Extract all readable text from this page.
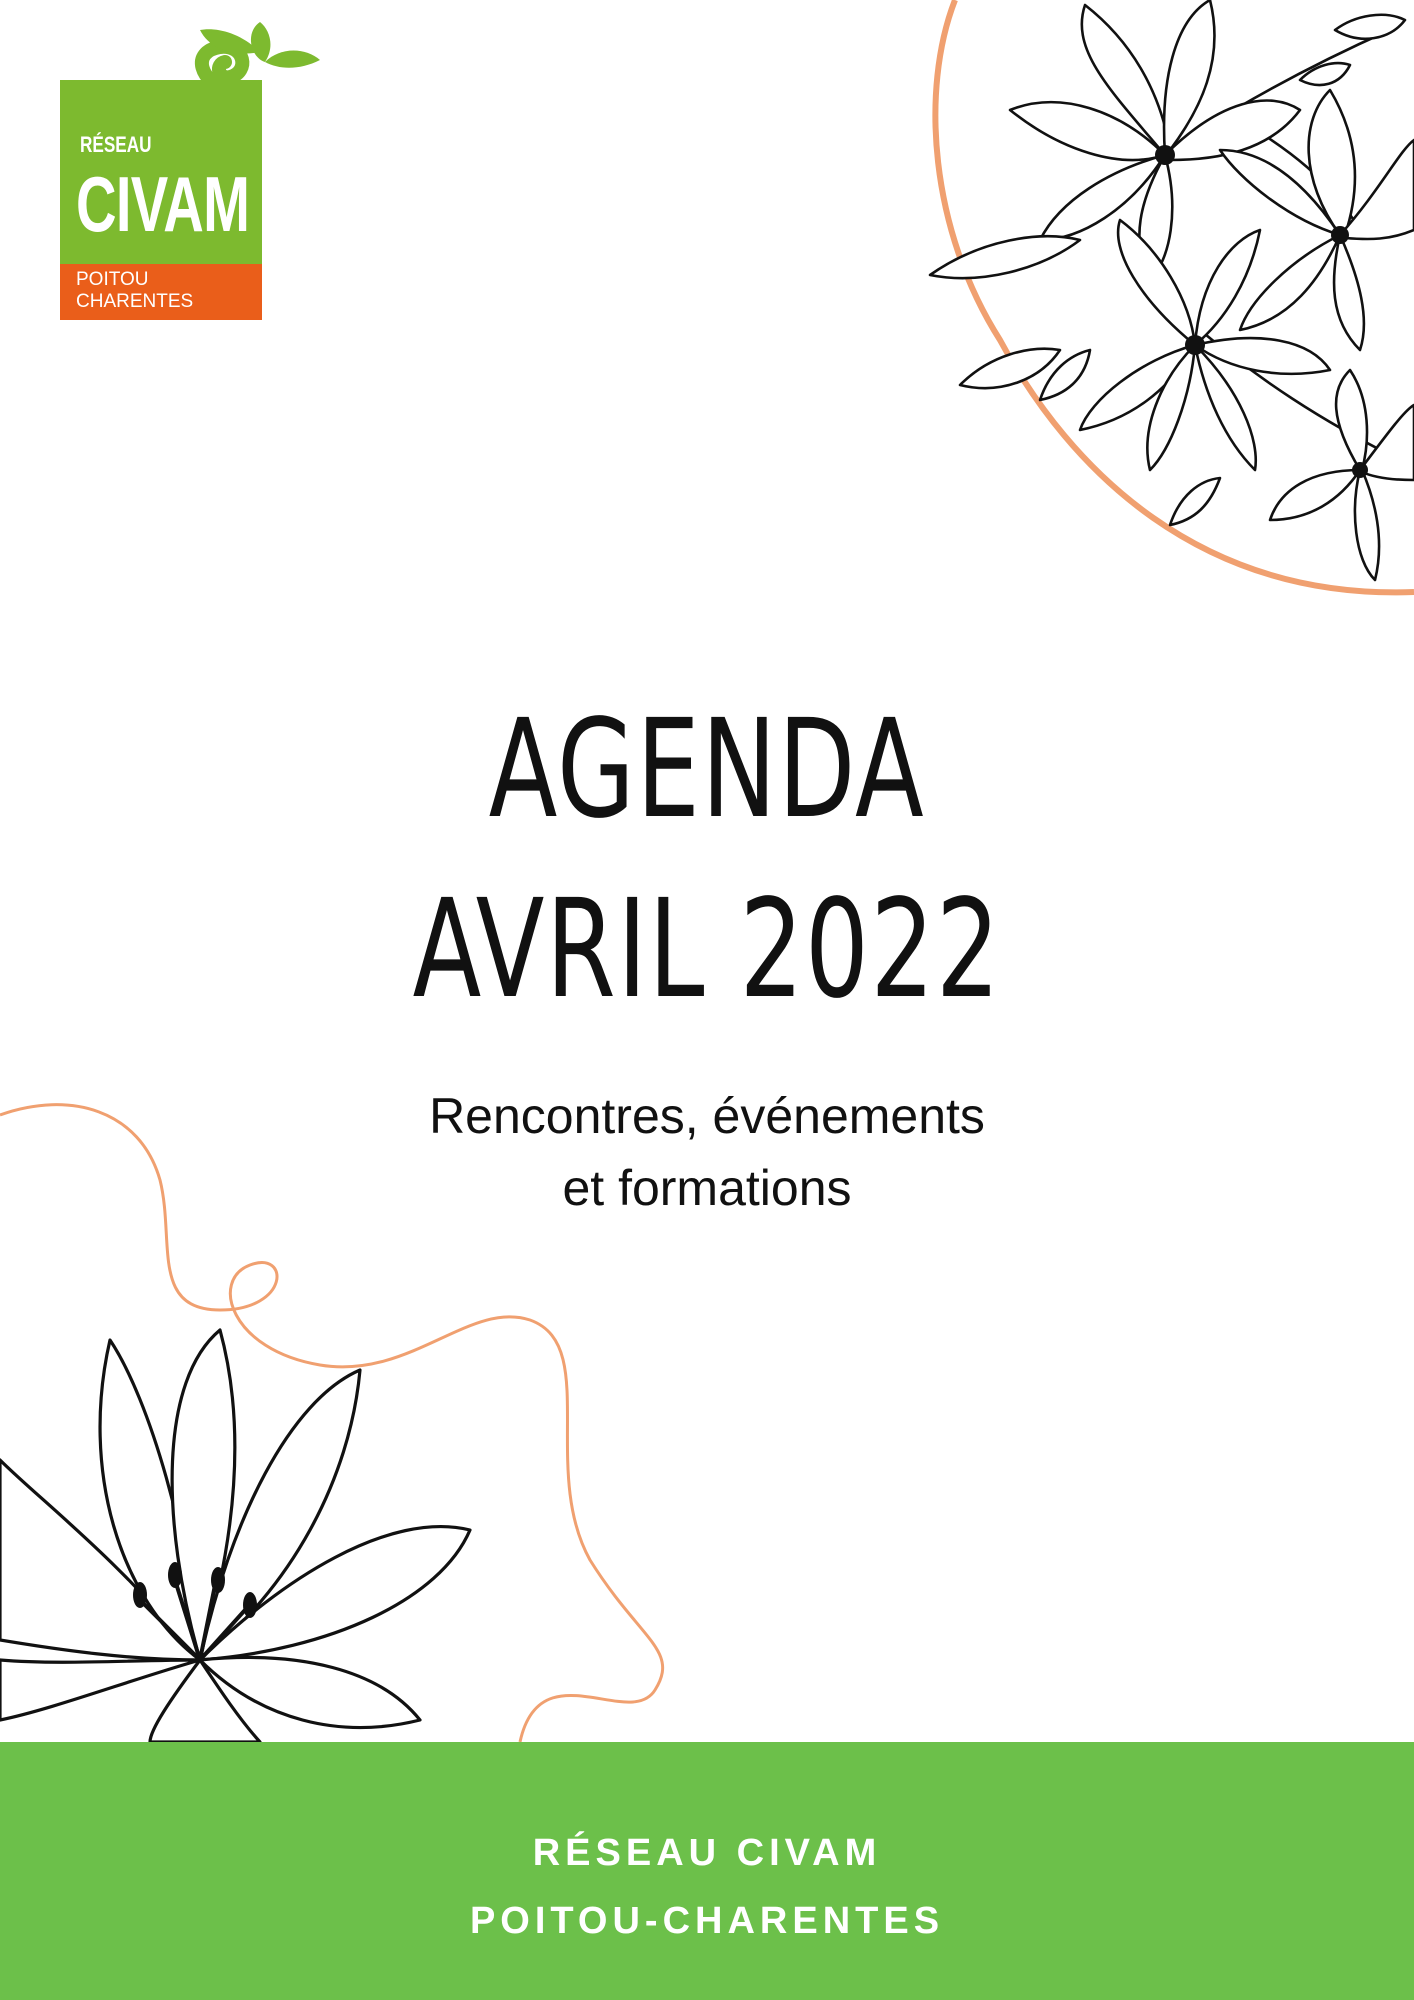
RÉSEAU
CIVAM
POITOU
CHARENTES
AGENDA
AVRIL 2022
Rencontres, événements
et formations
RÉSEAU CIVAM
POITOU-CHARENTES
